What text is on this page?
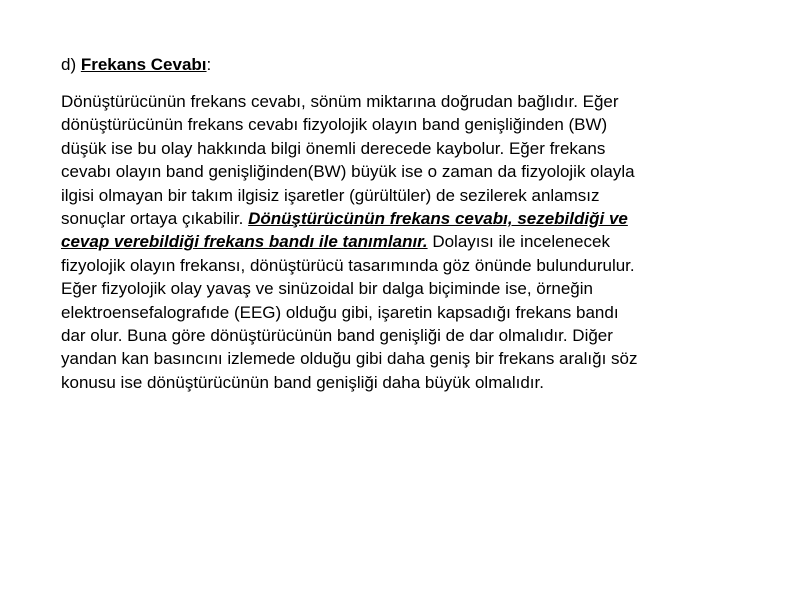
d) Frekans Cevabı:
Dönüştürücünün frekans cevabı, sönüm miktarına doğrudan bağlıdır. Eğer
dönüştürücünün frekans cevabı fizyolojik olayın band genişliğinden (BW)
düşük ise bu olay hakkında bilgi önemli derecede kaybolur. Eğer frekans
cevabı olayın band genişliğinden(BW) büyük ise o zaman da fizyolojik olayla
ilgisi olmayan bir takım ilgisiz işaretler (gürültüler) de sezilerek anlamsız
sonuçlar ortaya çıkabilir. Dönüştürücünün frekans cevabı, sezebildiği ve
cevap verebildiği frekans bandı ile tanımlanır. Dolayısı ile incelenecek
fizyolojik olayın frekansı, dönüştürücü tasarımında göz önünde bulundurulur.
Eğer fizyolojik olay yavaş ve sinüzoidal bir dalga biçiminde ise, örneğin
elektroensefalografıde (EEG) olduğu gibi, işaretin kapsadığı frekans bandı
dar olur. Buna göre dönüştürücünün band genişliği de dar olmalıdır. Diğer
yandan kan basıncını izlemede olduğu gibi daha geniş bir frekans aralığı söz
konusu ise dönüştürücünün band genişliği daha büyük olmalıdır.
